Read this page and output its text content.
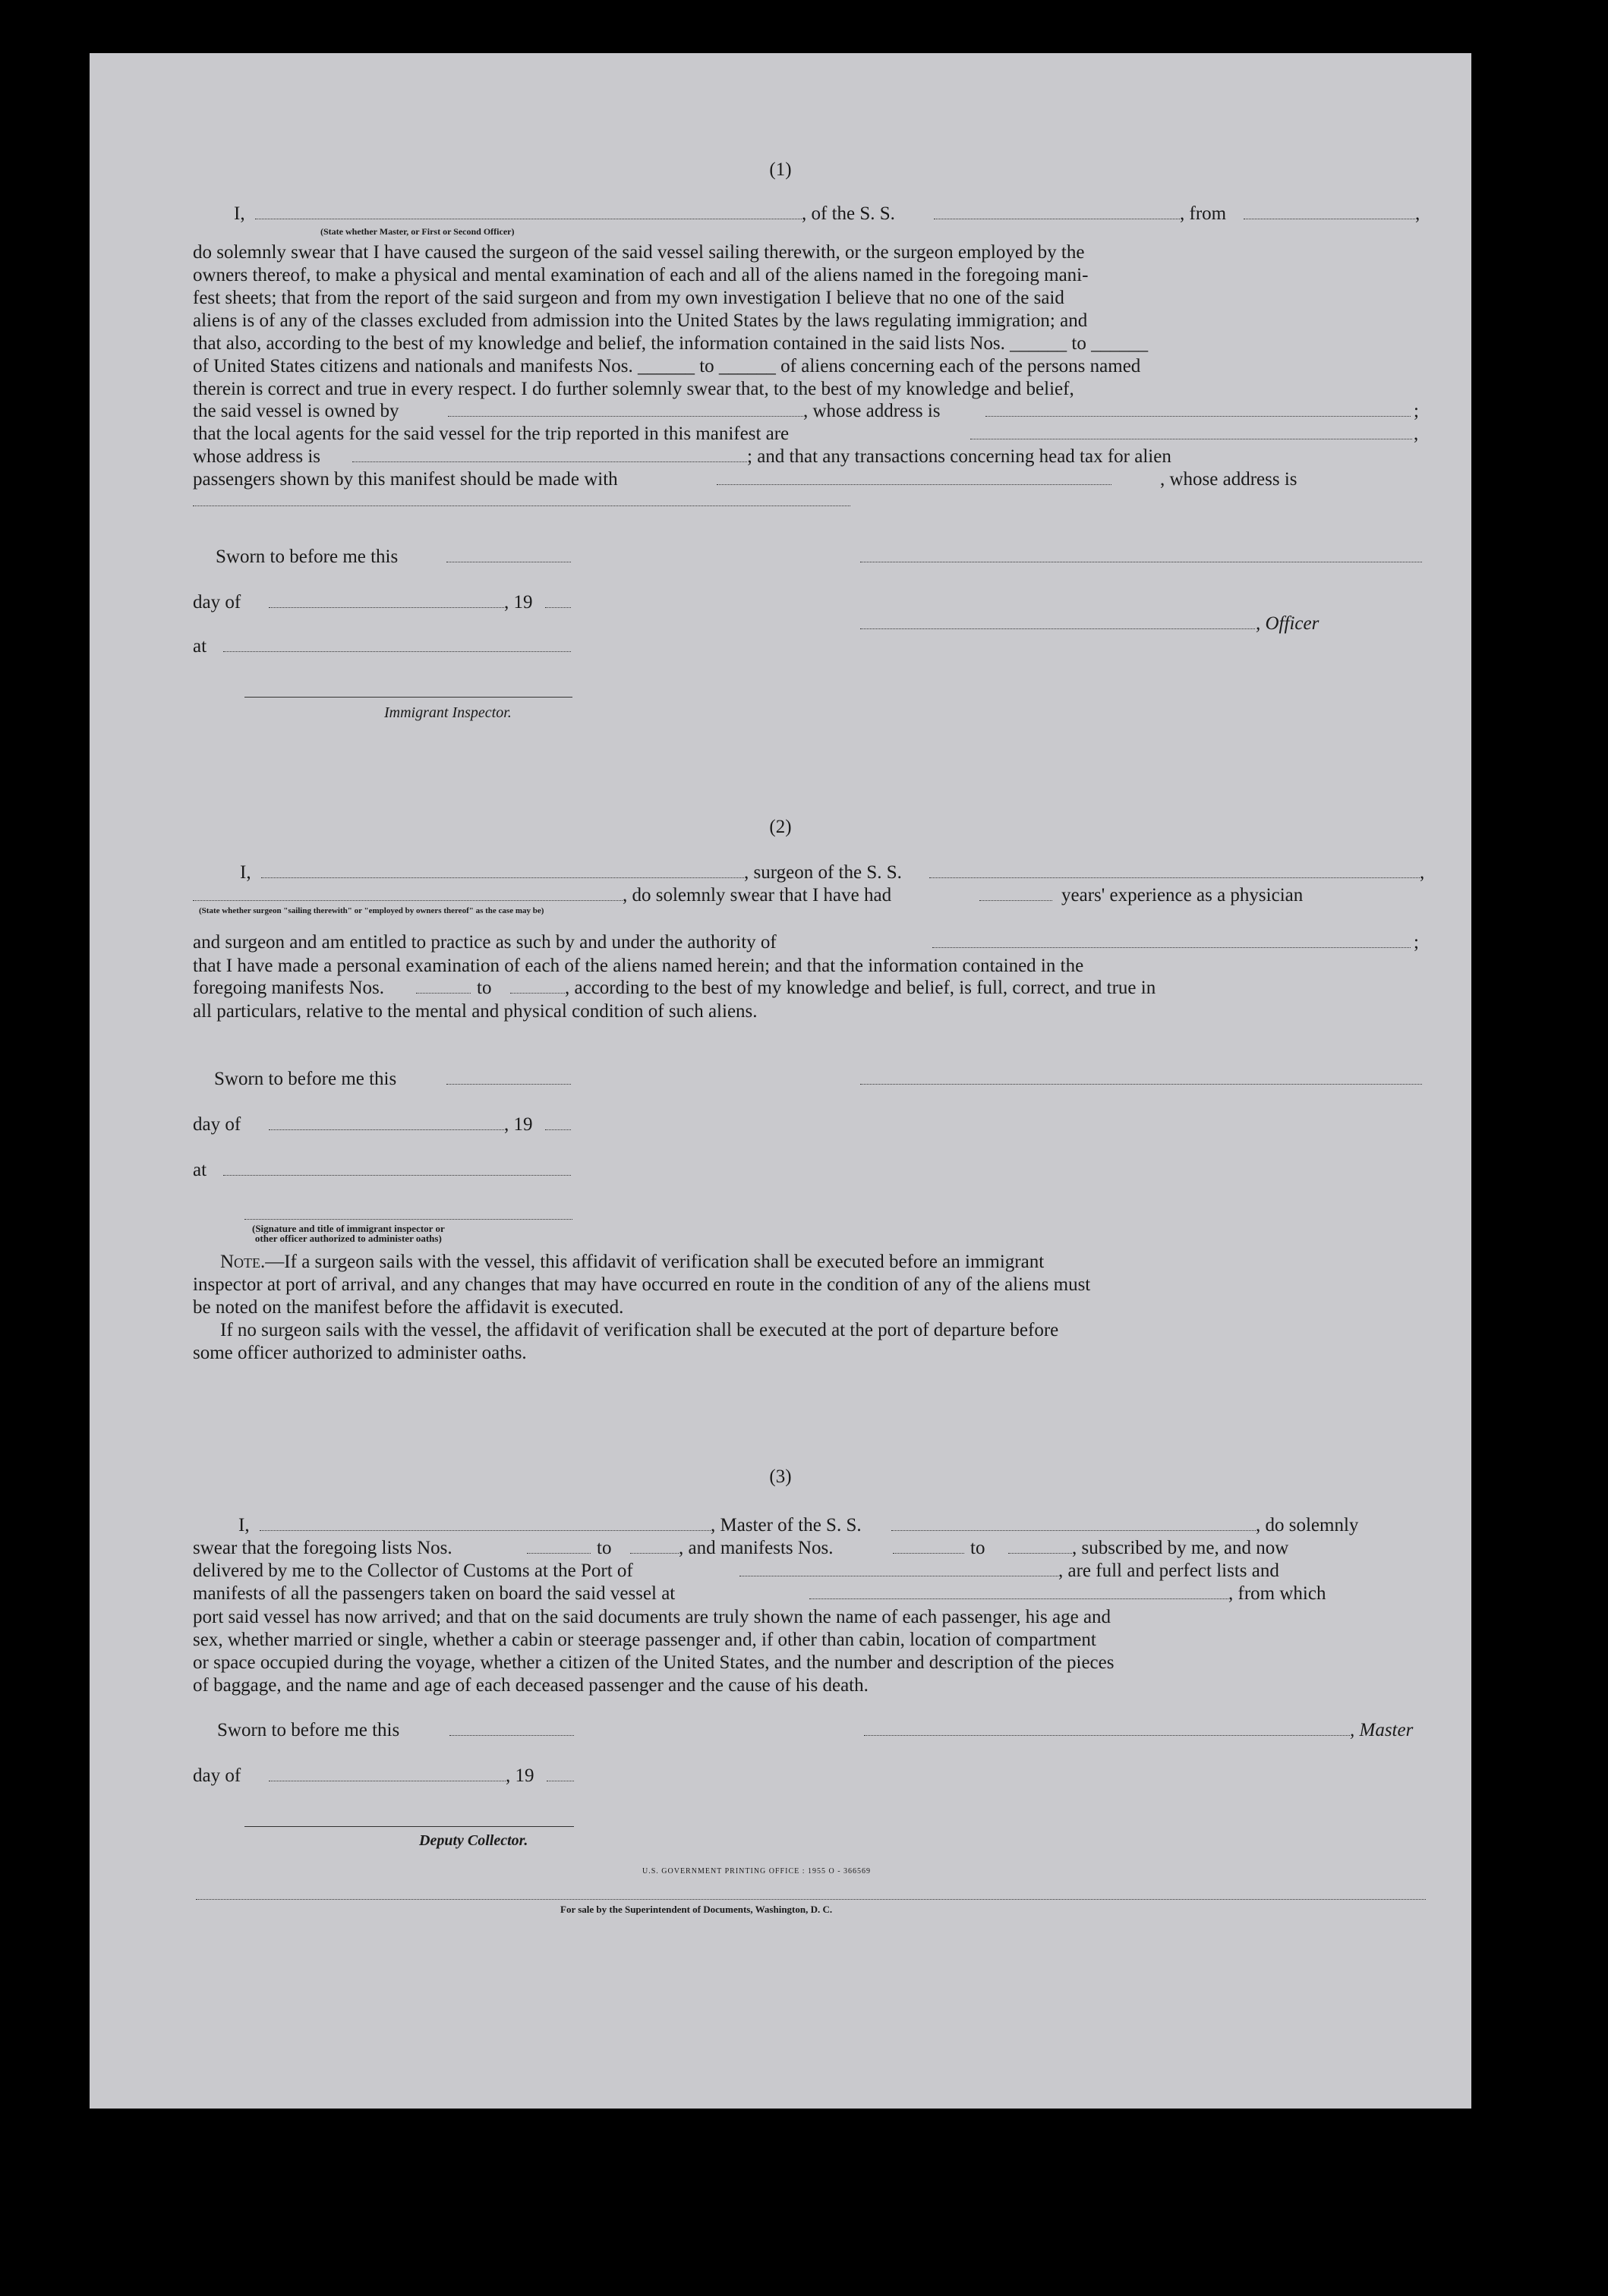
(1)
I,	, of the S. S.	, from	,
(State whether Master, or First or Second Officer)

do solemnly swear that I have caused the surgeon of the said vessel sailing therewith, or the surgeon employed by the

owners thereof, to make a physical and mental examination of each and all of the aliens named in the foregoing mani-

fest sheets; that from the report of the said surgeon and from my own investigation I believe that no one of the said

aliens is of any of the classes excluded from admission into the United States by the laws regulating immigration; and

that also, according to the best of my knowledge and belief, the information contained in the said lists Nos. ______ to ______

of United States citizens and nationals and manifests Nos. ______ to ______ of aliens concerning each of the persons named

therein is correct and true in every respect. I do further solemnly swear that, to the best of my knowledge and belief,

the said vessel is owned by	, whose address is	;
that the local agents for the said vessel for the trip reported in this manifest are	,
whose address is	; and that any transactions concerning head tax for alien
passengers shown by this manifest should be made with	, whose address is
Sworn to before me this
day of	, 19
, Officer
at
Immigrant Inspector.
(2)
I,	, surgeon of the S. S.	,
, do solemnly swear that I have had	years' experience as a physician
(State whether surgeon "sailing therewith" or "employed by owners thereof" as the case may be)
and surgeon and am entitled to practice as such by and under the authority of	;

that I have made a personal examination of each of the aliens named herein; and that the information contained in the

foregoing manifests Nos.	to	, according to the best of my knowledge and belief, is full, correct, and true in

all particulars, relative to the mental and physical condition of such aliens.

Sworn to before me this
day of	, 19
at
(Signature and title of immigrant inspector or
other officer authorized to administer oaths)

Note.—If a surgeon sails with the vessel, this affidavit of verification shall be executed before an immigrant

inspector at port of arrival, and any changes that may have occurred en route in the condition of any of the aliens must

be noted on the manifest before the affidavit is executed.

If no surgeon sails with the vessel, the affidavit of verification shall be executed at the port of departure before

some officer authorized to administer oaths.

(3)
I,	, Master of the S. S.	, do solemnly
swear that the foregoing lists Nos.	to	, and manifests Nos.	to	, subscribed by me, and now
delivered by me to the Collector of Customs at the Port of	, are full and perfect lists and
manifests of all the passengers taken on board the said vessel at	, from which

port said vessel has now arrived; and that on the said documents are truly shown the name of each passenger, his age and

sex, whether married or single, whether a cabin or steerage passenger and, if other than cabin, location of compartment

or space occupied during the voyage, whether a citizen of the United States, and the number and description of the pieces

of baggage, and the name and age of each deceased passenger and the cause of his death.

Sworn to before me this	, Master
day of	, 19
Deputy Collector.
U.S. GOVERNMENT PRINTING OFFICE : 1955 O - 366569
For sale by the Superintendent of Documents, Washington, D. C.
